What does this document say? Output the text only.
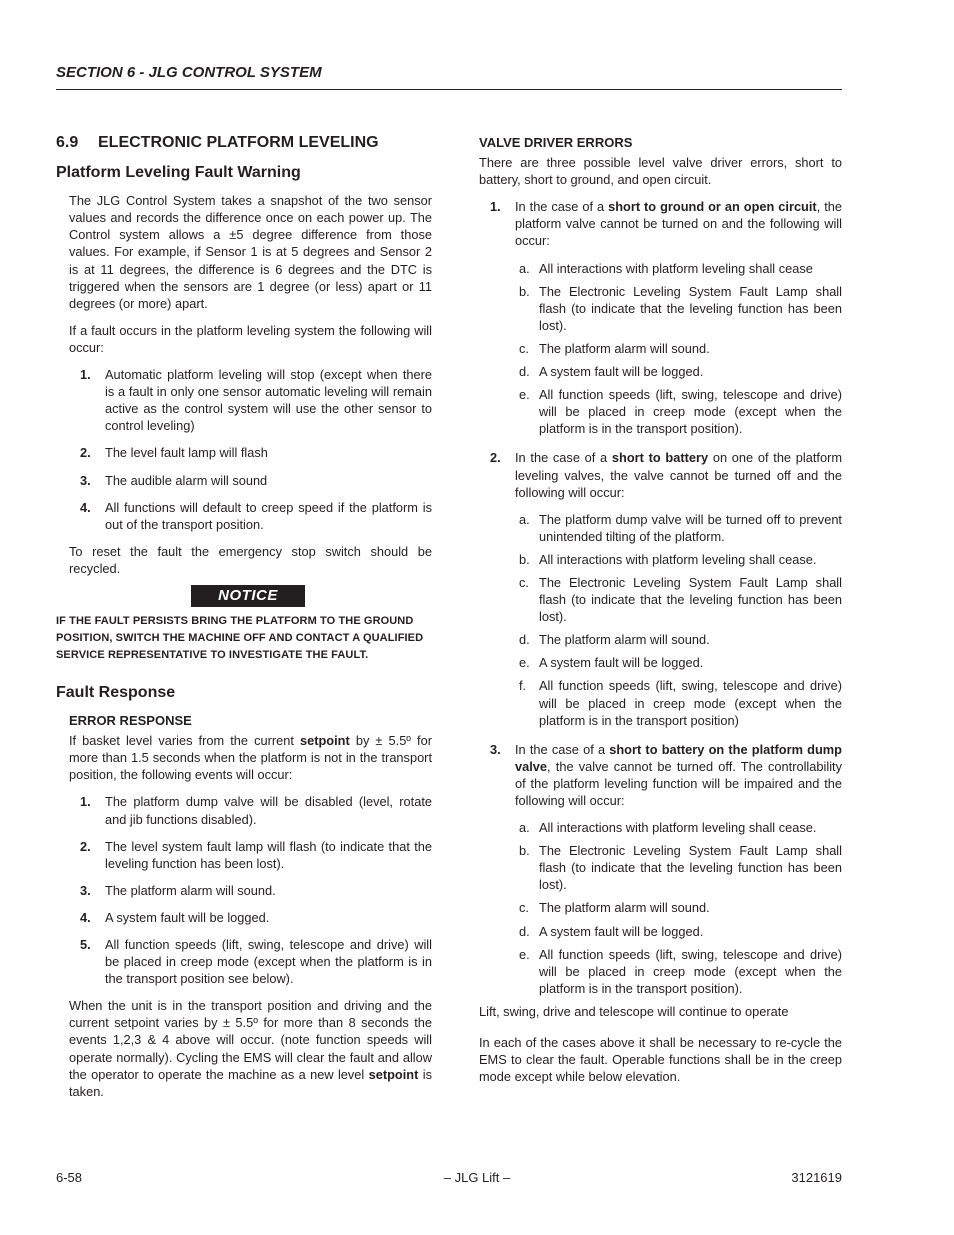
SECTION 6 - JLG CONTROL SYSTEM
6.9 ELECTRONIC PLATFORM LEVELING
Platform Leveling Fault Warning

The JLG Control System takes a snapshot of the two sensor values and records the difference once on each power up. The Control system allows a ±5 degree difference from those values. For example, if Sensor 1 is at 5 degrees and Sensor 2 is at 11 degrees, the difference is 6 degrees and the DTC is triggered when the sensors are 1 degree (or less) apart or 11 degrees (or more) apart.

If a fault occurs in the platform leveling system the following will occur:

1. Automatic platform leveling will stop (except when there is a fault in only one sensor automatic leveling will remain active as the control system will use the other sensor to control leveling)
2. The level fault lamp will flash
3. The audible alarm will sound
4. All functions will default to creep speed if the platform is out of the transport position.

To reset the fault the emergency stop switch should be recycled.

NOTICE
IF THE FAULT PERSISTS BRING THE PLATFORM TO THE GROUND POSITION, SWITCH THE MACHINE OFF AND CONTACT A QUALIFIED SERVICE REPRESENTATIVE TO INVESTIGATE THE FAULT.
Fault Response
ERROR RESPONSE

If basket level varies from the current setpoint by ± 5.5º for more than 1.5 seconds when the platform is not in the transport position, the following events will occur:

1. The platform dump valve will be disabled (level, rotate and jib functions disabled).
2. The level system fault lamp will flash (to indicate that the leveling function has been lost).
3. The platform alarm will sound.
4. A system fault will be logged.
5. All function speeds (lift, swing, telescope and drive) will be placed in creep mode (except when the platform is in the transport position see below).

When the unit is in the transport position and driving and the current setpoint varies by ± 5.5º for more than 8 seconds the events 1,2,3 & 4 above will occur. (note function speeds will operate normally). Cycling the EMS will clear the fault and allow the operator to operate the machine as a new level setpoint is taken.

VALVE DRIVER ERRORS

There are three possible level valve driver errors, short to battery, short to ground, and open circuit.

1. In the case of a short to ground or an open circuit, the platform valve cannot be turned on and the following will occur:
a. All interactions with platform leveling shall cease
b. The Electronic Leveling System Fault Lamp shall flash (to indicate that the leveling function has been lost).
c. The platform alarm will sound.
d. A system fault will be logged.
e. All function speeds (lift, swing, telescope and drive) will be placed in creep mode (except when the platform is in the transport position).
2. In the case of a short to battery on one of the platform leveling valves, the valve cannot be turned off and the following will occur:
a. The platform dump valve will be turned off to prevent unintended tilting of the platform.
b. All interactions with platform leveling shall cease.
c. The Electronic Leveling System Fault Lamp shall flash (to indicate that the leveling function has been lost).
d. The platform alarm will sound.
e. A system fault will be logged.
f. All function speeds (lift, swing, telescope and drive) will be placed in creep mode (except when the platform is in the transport position)
3. In the case of a short to battery on the platform dump valve, the valve cannot be turned off. The controllability of the platform leveling function will be impaired and the following will occur:
a. All interactions with platform leveling shall cease.
b. The Electronic Leveling System Fault Lamp shall flash (to indicate that the leveling function has been lost).
c. The platform alarm will sound.
d. A system fault will be logged.
e. All function speeds (lift, swing, telescope and drive) will be placed in creep mode (except when the platform is in the transport position).

Lift, swing, drive and telescope will continue to operate

In each of the cases above it shall be necessary to re-cycle the EMS to clear the fault. Operable functions shall be in the creep mode except while below elevation.

6-58	– JLG Lift –	3121619
